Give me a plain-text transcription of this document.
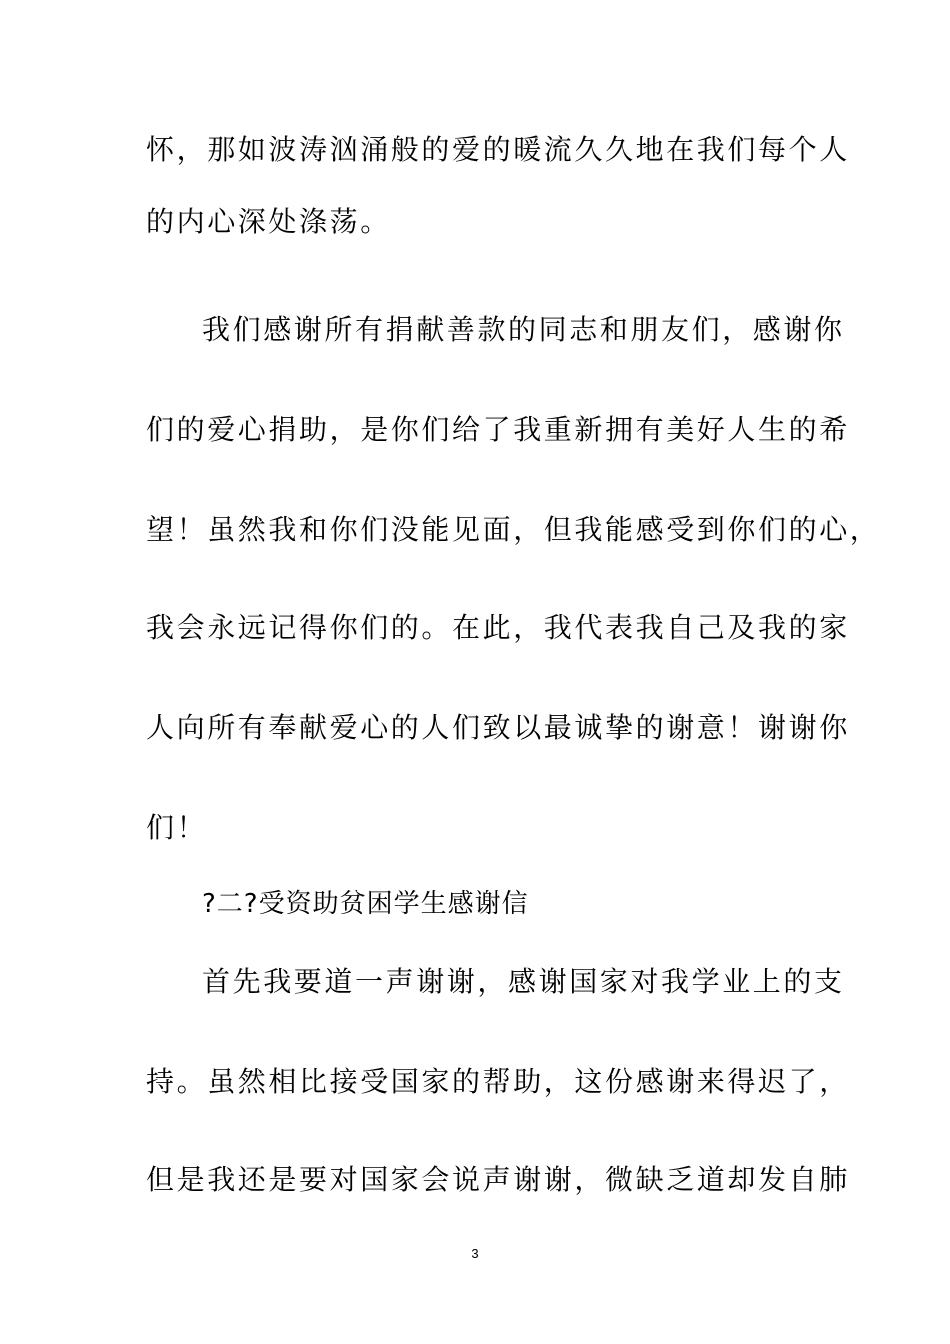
怀，那如波涛汹涌般的爱的暖流久久地在我们每个人
的内心深处涤荡。
我们感谢所有捐献善款的同志和朋友们，感谢你
们的爱心捐助，是你们给了我重新拥有美好人生的希
望！虽然我和你们没能见面，但我能感受到你们的心，
我会永远记得你们的。在此，我代表我自己及我的家
人向所有奉献爱心的人们致以最诚挚的谢意！谢谢你
们！
?二?受资助贫困学生感谢信
首先我要道一声谢谢，感谢国家对我学业上的支
持。虽然相比接受国家的帮助，这份感谢来得迟了，
但是我还是要对国家会说声谢谢，微缺乏道却发自肺
3
